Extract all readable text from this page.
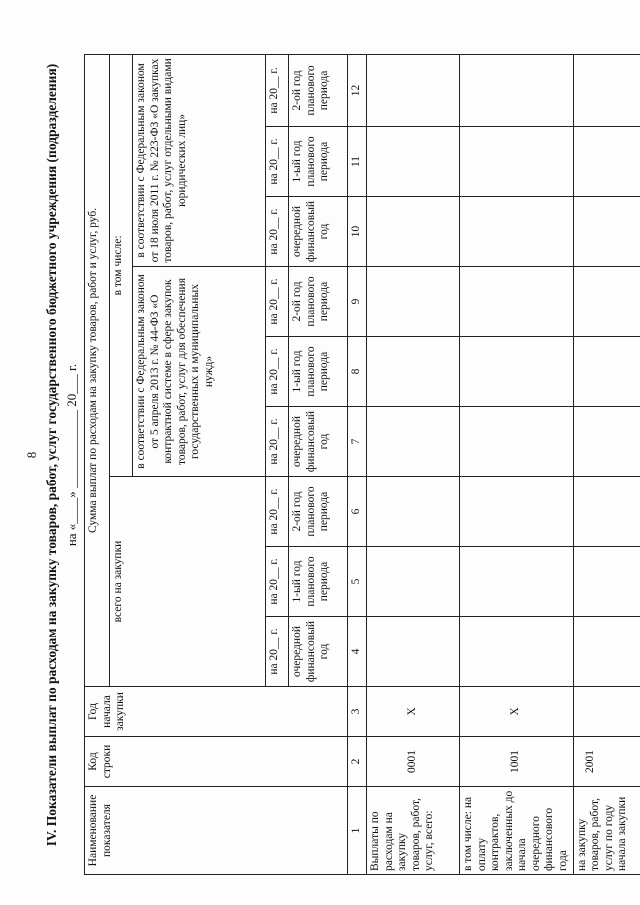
8 IV. Показатели выплат по расходам на закупку товаров, работ, услуг государственного бюджетного учреждения (подразделения) на «____» ____________ 20___ г.
Наименование показателя	Код строки	Год начала закупки	Сумма выплат по расходам на закупку товаров, работ и услуг, руб.								
			всего на закупки			в том числе:					
						в соответствии с Федеральным законом от 5 апреля 2013 г. № 44-ФЗ «О контрактной системе в сфере закупок товаров, работ, услуг для обеспечения государственных и муниципальных нужд»			в соответствии с Федеральным законом от 18 июля 2011 г. № 223-ФЗ «О закупках товаров, работ, услуг отдельными видами юридических лиц»		
			на 20__ г.	на 20__ г.	на 20__ г.	на 20__ г.	на 20__ г.	на 20__ г.	на 20__ г.	на 20__ г.	на 20__ г.
			очередной финансовый год	1-ый год планового периода	2-ой год планового периода	очередной финансовый год	1-ый год планового периода	2-ой год планового периода	очередной финансовый год	1-ый год планового периода	2-ой год планового периода
1	2	3	4	5	6	7	8	9	10	11	12
Выплаты по расходам на закупку товаров, работ, услуг, всего:	0001	Х									
в том числе: на оплату контрактов, заключенных до начала очередного финансового года	1001	Х									
на закупку товаров, работ, услуг по году начала закупки	2001										
